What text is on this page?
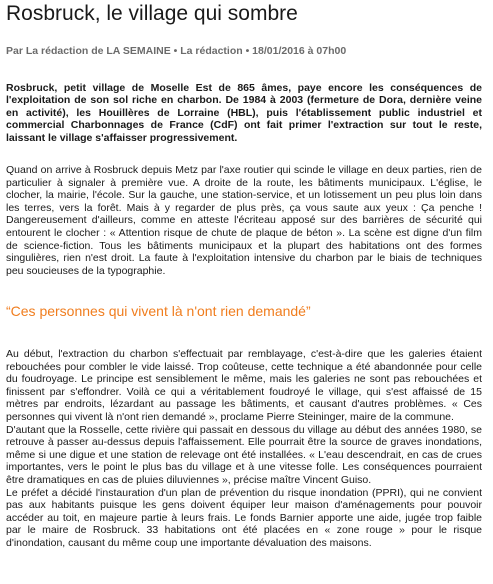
Rosbruck, le village qui sombre
Par La rédaction de LA SEMAINE • La rédaction • 18/01/2016 à 07h00

Rosbruck, petit village de Moselle Est de 865 âmes, paye encore les conséquences de l'exploitation de son sol riche en charbon. De 1984 à 2003 (fermeture de Dora, dernière veine en activité), les Houillères de Lorraine (HBL), puis l'établissement public industriel et commercial Charbonnages de France (CdF) ont fait primer l'extraction sur tout le reste, laissant le village s'affaisser progressivement.

Quand on arrive à Rosbruck depuis Metz par l'axe routier qui scinde le village en deux parties, rien de particulier à signaler à première vue. A droite de la route, les bâtiments municipaux. L'église, le clocher, la mairie, l'école. Sur la gauche, une station-service, et un lotissement un peu plus loin dans les terres, vers la forêt. Mais à y regarder de plus près, ça vous saute aux yeux : Ça penche ! Dangereusement d'ailleurs, comme en atteste l'écriteau apposé sur des barrières de sécurité qui entourent le clocher : « Attention risque de chute de plaque de béton ». La scène est digne d'un film de science-fiction. Tous les bâtiments municipaux et la plupart des habitations ont des formes singulières, rien n'est droit. La faute à l'exploitation intensive du charbon par le biais de techniques peu soucieuses de la typographie.

“Ces personnes qui vivent là n'ont rien demandé”

Au début, l'extraction du charbon s'effectuait par remblayage, c'est-à-dire que les galeries étaient rebouchées pour combler le vide laissé. Trop coûteuse, cette technique a été abandonnée pour celle du foudroyage. Le principe est sensiblement le même, mais les galeries ne sont pas rebouchées et finissent par s'effondrer. Voilà ce qui a véritablement foudroyé le village, qui s'est affaissé de 15 mètres par endroits, lézardant au passage les bâtiments, et causant d'autres problèmes. « Ces personnes qui vivent là n'ont rien demandé », proclame Pierre Steininger, maire de la commune.
D'autant que la Rosselle, cette rivière qui passait en dessous du village au début des années 1980, se retrouve à passer au-dessus depuis l'affaissement. Elle pourrait être la source de graves inondations, même si une digue et une station de relevage ont été installées. « L'eau descendrait, en cas de crues importantes, vers le point le plus bas du village et à une vitesse folle. Les conséquences pourraient être dramatiques en cas de pluies diluviennes », précise maître Vincent Guiso.
Le préfet a décidé l'instauration d'un plan de prévention du risque inondation (PPRI), qui ne convient pas aux habitants puisque les gens doivent équiper leur maison d'aménagements pour pouvoir accéder au toit, en majeure partie à leurs frais. Le fonds Barnier apporte une aide, jugée trop faible par le maire de Rosbruck. 33 habitations ont été placées en « zone rouge » pour le risque d'inondation, causant du même coup une importante dévaluation des maisons.
